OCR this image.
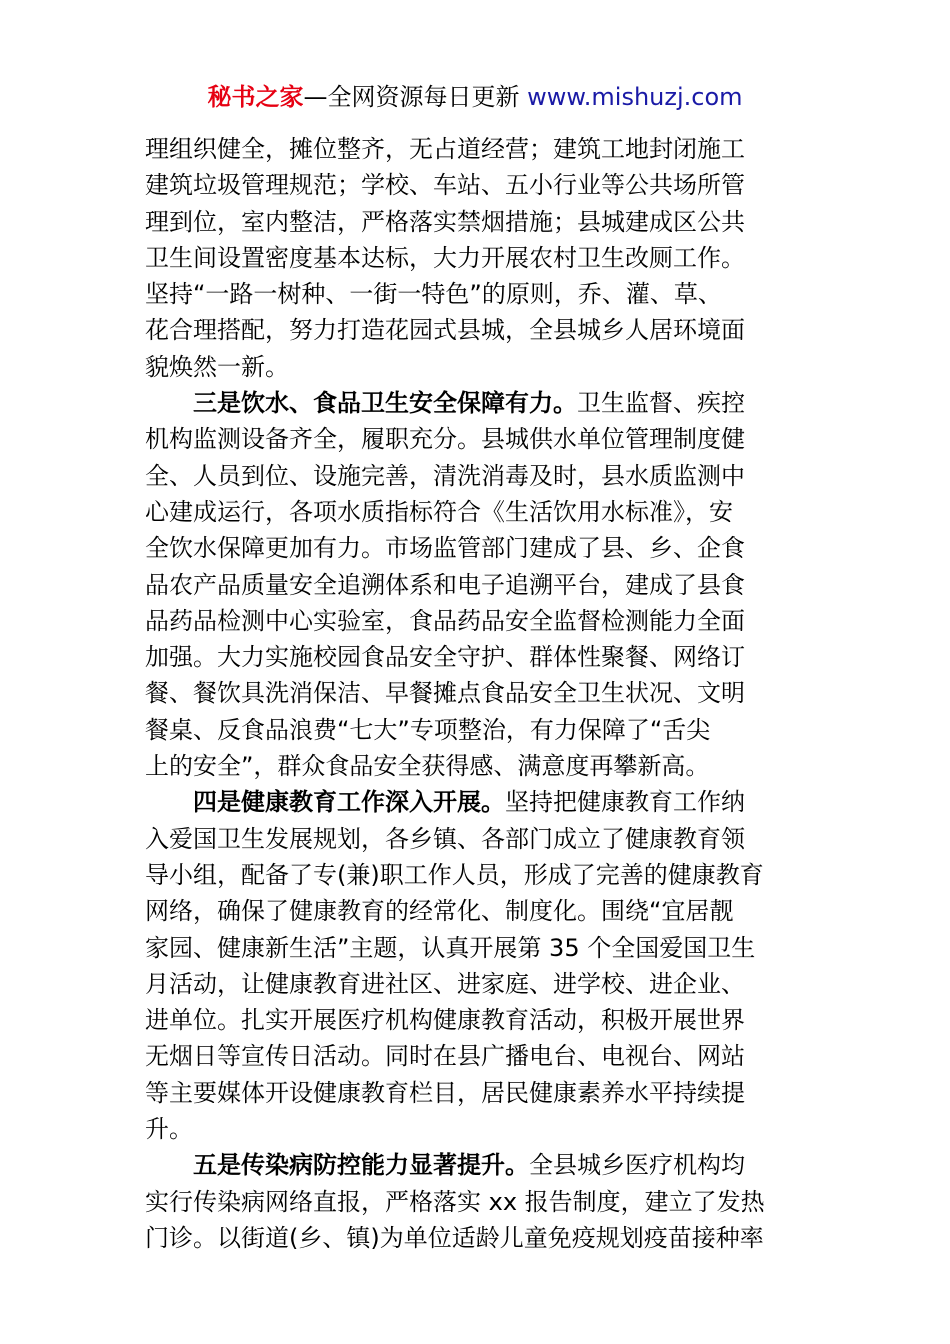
秘书之家—全网资源每日更新 www.mishuzj.com
理组织健全，摊位整齐，无占道经营；建筑工地封闭施工
建筑垃圾管理规范；学校、车站、五小行业等公共场所管
理到位，室内整洁，严格落实禁烟措施；县城建成区公共
卫生间设置密度基本达标，大力开展农村卫生改厕工作。
坚持“一路一树种、一街一特色”的原则，乔、灌、草、
花合理搭配，努力打造花园式县城，全县城乡人居环境面
貌焕然一新。
三是饮水、食品卫生安全保障有力。卫生监督、疾控
机构监测设备齐全，履职充分。县城供水单位管理制度健
全、人员到位、设施完善，清洗消毒及时，县水质监测中
心建成运行，各项水质指标符合《生活饮用水标准》，安
全饮水保障更加有力。市场监管部门建成了县、乡、企食
品农产品质量安全追溯体系和电子追溯平台，建成了县食
品药品检测中心实验室，食品药品安全监督检测能力全面
加强。大力实施校园食品安全守护、群体性聚餐、网络订
餐、餐饮具洗消保洁、早餐摊点食品安全卫生状况、文明
餐桌、反食品浪费“七大”专项整治，有力保障了“舌尖
上的安全”，群众食品安全获得感、满意度再攀新高。
四是健康教育工作深入开展。坚持把健康教育工作纳
入爱国卫生发展规划，各乡镇、各部门成立了健康教育领
导小组，配备了专(兼)职工作人员，形成了完善的健康教育
网络，确保了健康教育的经常化、制度化。围绕“宜居靓
家园、健康新生活”主题，认真开展第 35 个全国爱国卫生
月活动，让健康教育进社区、进家庭、进学校、进企业、
进单位。扎实开展医疗机构健康教育活动，积极开展世界
无烟日等宣传日活动。同时在县广播电台、电视台、网站
等主要媒体开设健康教育栏目，居民健康素养水平持续提
升。
五是传染病防控能力显著提升。全县城乡医疗机构均
实行传染病网络直报，严格落实 xx 报告制度，建立了发热
门诊。以街道(乡、镇)为单位适龄儿童免疫规划疫苗接种率
